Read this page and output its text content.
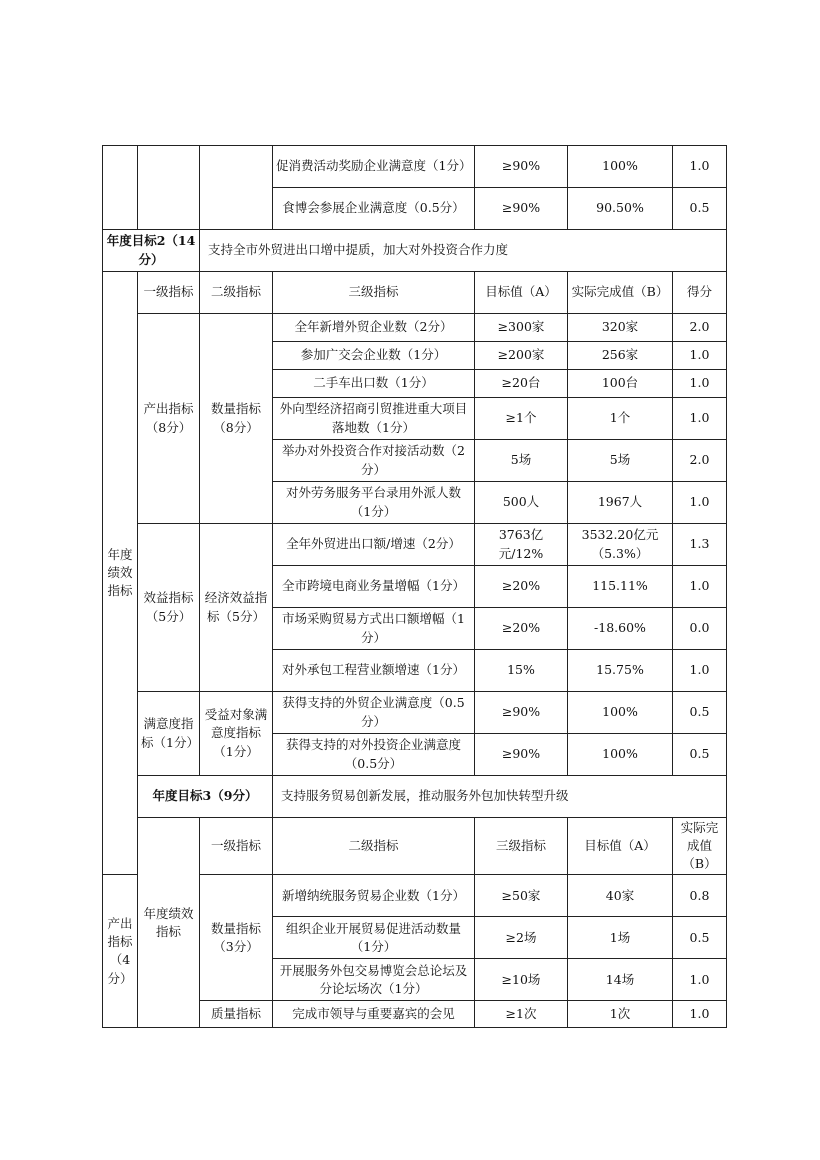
			促消费活动奖励企业满意度（1分）	≥90%	100%	1.0	
			食博会参展企业满意度（0.5分）	≥90%	90.50%	0.5	
年度目标2（14分）		支持全市外贸进出口增中提质，加大对外投资合作力度					
年度绩效指标	一级指标	二级指标	三级指标	目标值（A）	实际完成值（B）	得分	
	产出指标（8分）	数量指标（8分）	全年新增外贸企业数（2分）	≥300家	320家	2.0	
			参加广交会企业数（1分）	≥200家	256家	1.0	
			二手车出口数（1分）	≥20台	100台	1.0	
			外向型经济招商引贸推进重大项目落地数（1分）	≥1个	1个	1.0	
			举办对外投资合作对接活动数（2分）	5场	5场	2.0	
			对外劳务服务平台录用外派人数（1分）	500人	1967人	1.0	
	效益指标（5分）	经济效益指标（5分）	全年外贸进出口额/增速（2分）	3763亿元/12%	3532.20亿元（5.3%）	1.3	
			全市跨境电商业务量增幅（1分）	≥20%	115.11%	1.0	
			市场采购贸易方式出口额增幅（1分）	≥20%	-18.60%	0.0	
			对外承包工程营业额增速（1分）	15%	15.75%	1.0	
	满意度指标（1分）	受益对象满意度指标（1分）	获得支持的外贸企业满意度（0.5分）	≥90%	100%	0.5	
			获得支持的对外投资企业满意度（0.5分）	≥90%	100%	0.5	
	年度目标3（9分）		支持服务贸易创新发展，推动服务外包加快转型升级				
	年度绩效指标	一级指标	二级指标	三级指标	目标值（A）	实际完成值（B）	
产出指标（4分）		数量指标（3分）	新增纳统服务贸易企业数（1分）	≥50家	40家	0.8	
			组织企业开展贸易促进活动数量（1分）	≥2场	1场	0.5	
			开展服务外包交易博览会总论坛及分论坛场次（1分）	≥10场	14场	1.0	
		质量指标	完成市领导与重要嘉宾的会见	≥1次	1次	1.0	
